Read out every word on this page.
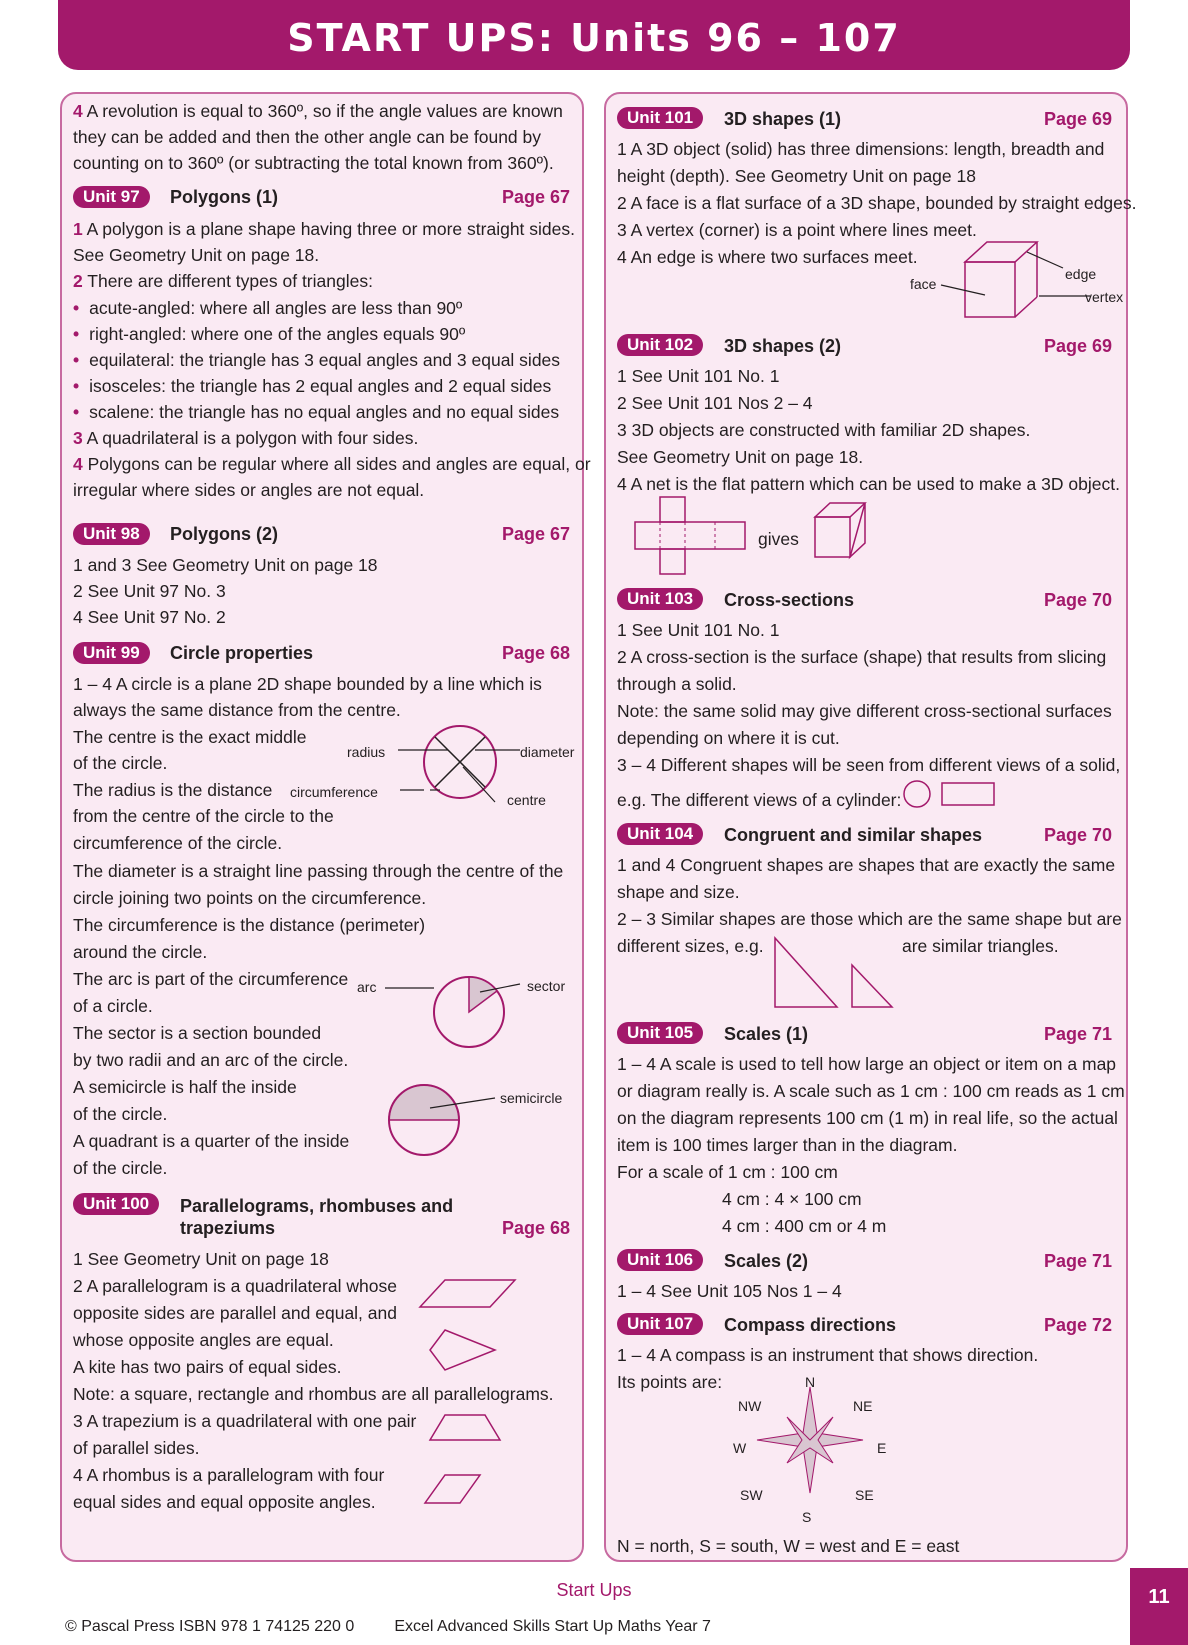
START UPS: Units 96 – 107
4 A revolution is equal to 360º, so if the angle values are known
they can be added and then the other angle can be found by
counting on to 360º (or subtracting the total known from 360º).
Unit 97	Polygons (1)	Page 67
1 A polygon is a plane shape having three or more straight sides.
See Geometry Unit on page 18.
2 There are different types of triangles:
• acute-angled: where all angles are less than 90º
• right-angled: where one of the angles equals 90º
• equilateral: the triangle has 3 equal angles and 3 equal sides
• isosceles: the triangle has 2 equal angles and 2 equal sides
• scalene: the triangle has no equal angles and no equal sides
3 A quadrilateral is a polygon with four sides.
4 Polygons can be regular where all sides and angles are equal, or
irregular where sides or angles are not equal.
Unit 98	Polygons (2)	Page 67
1 and 3 See Geometry Unit on page 18
2 See Unit 97 No. 3
4 See Unit 97 No. 2
Unit 99	Circle properties	Page 68
1 – 4 A circle is a plane 2D shape bounded by a line which is
always the same distance from the centre.
The centre is the exact middle
of the circle.
The radius is the distance
from the centre of the circle to the
circumference of the circle.
The diameter is a straight line passing through the centre of the
circle joining two points on the circumference.
The circumference is the distance (perimeter)
around the circle.
The arc is part of the circumference
of a circle.
The sector is a section bounded
by two radii and an arc of the circle.
A semicircle is half the inside
of the circle.
A quadrant is a quarter of the inside
of the circle.
radius	diameter
circumference	centre
arc	sector
semicircle
Unit 100	Parallelograms, rhombuses and
trapeziums	Page 68
1 See Geometry Unit on page 18
2 A parallelogram is a quadrilateral whose
opposite sides are parallel and equal, and
whose opposite angles are equal.
A kite has two pairs of equal sides.
Note: a square, rectangle and rhombus are all parallelograms.
3 A trapezium is a quadrilateral with one pair
of parallel sides.
4 A rhombus is a parallelogram with four
equal sides and equal opposite angles.
Unit 101	3D shapes (1)	Page 69
1 A 3D object (solid) has three dimensions: length, breadth and
height (depth). See Geometry Unit on page 18
2 A face is a flat surface of a 3D shape, bounded by straight edges.
3 A vertex (corner) is a point where lines meet.
4 An edge is where two surfaces meet.
face
edge
vertex
Unit 102	3D shapes (2)	Page 69
1 See Unit 101 No. 1
2 See Unit 101 Nos 2 – 4
3 3D objects are constructed with familiar 2D shapes.
See Geometry Unit on page 18.
4 A net is the flat pattern which can be used to make a 3D object.
gives
Unit 103	Cross-sections	Page 70
1 See Unit 101 No. 1
2 A cross-section is the surface (shape) that results from slicing
through a solid.
Note: the same solid may give different cross-sectional surfaces
depending on where it is cut.
3 – 4 Different shapes will be seen from different views of a solid,
e.g. The different views of a cylinder:
Unit 104	Congruent and similar shapes	Page 70
1 and 4 Congruent shapes are shapes that are exactly the same
shape and size.
2 – 3 Similar shapes are those which are the same shape but are
different sizes, e.g.	are similar triangles.
Unit 105	Scales (1)	Page 71
1 – 4 A scale is used to tell how large an object or item on a map
or diagram really is. A scale such as 1 cm : 100 cm reads as 1 cm
on the diagram represents 100 cm (1 m) in real life, so the actual
item is 100 times larger than in the diagram.
For a scale of 1 cm : 100 cm
4 cm : 4 × 100 cm
4 cm : 400 cm or 4 m
Unit 106	Scales (2)	Page 71
1 – 4 See Unit 105 Nos 1 – 4
Unit 107	Compass directions	Page 72
1 – 4 A compass is an instrument that shows direction.
Its points are:	N
NE
E
SE
S
SW
W
NW
N = north, S = south, W = west and E = east
Start Ups
© Pascal Press ISBN 978 1 74125 220 0	Excel Advanced Skills Start Up Maths Year 7
11
